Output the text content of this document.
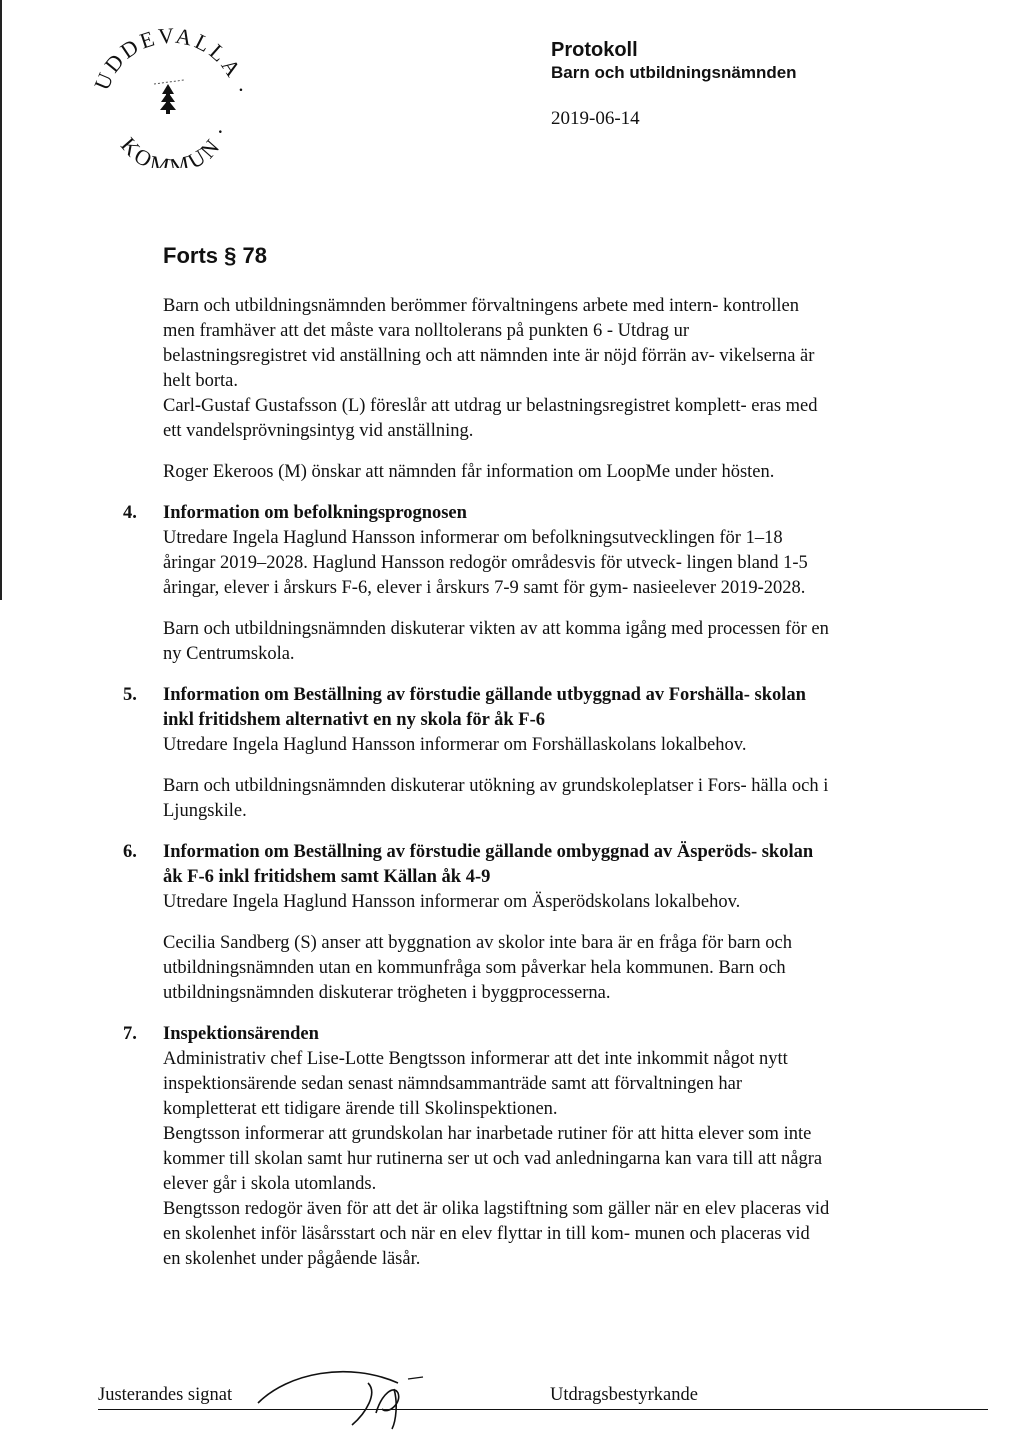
UDDEVALLA ·
KOMMUN ·
Protokoll
Barn och utbildningsnämnden
2019-06-14
Forts § 78

Barn och utbildningsnämnden berömmer förvaltningens arbete med intern- kontrollen men framhäver att det måste vara nolltolerans på punkten 6 - Utdrag ur belastningsregistret vid anställning och att nämnden inte är nöjd förrän av- vikelserna är helt borta.

Carl-Gustaf Gustafsson (L) föreslår att utdrag ur belastningsregistret komplett- eras med ett vandelsprövningsintyg vid anställning.

Roger Ekeroos (M) önskar att nämnden får information om LoopMe under hösten.

4. Information om befolkningsprognosen

Utredare Ingela Haglund Hansson informerar om befolkningsutvecklingen för 1–18 åringar 2019–2028. Haglund Hansson redogör områdesvis för utveck- lingen bland 1-5 åringar, elever i årskurs F-6, elever i årskurs 7-9 samt för gym- nasieelever 2019-2028.

Barn och utbildningsnämnden diskuterar vikten av att komma igång med processen för en ny Centrumskola.

5. Information om Beställning av förstudie gällande utbyggnad av Forshälla- skolan inkl fritidshem alternativt en ny skola för åk F-6

Utredare Ingela Haglund Hansson informerar om Forshällaskolans lokalbehov.

Barn och utbildningsnämnden diskuterar utökning av grundskoleplatser i Fors- hälla och i Ljungskile.

6. Information om Beställning av förstudie gällande ombyggnad av Äsperöds- skolan åk F-6 inkl fritidshem samt Källan åk 4-9

Utredare Ingela Haglund Hansson informerar om Äsperödskolans lokalbehov.

Cecilia Sandberg (S) anser att byggnation av skolor inte bara är en fråga för barn och utbildningsnämnden utan en kommunfråga som påverkar hela kommunen. Barn och utbildningsnämnden diskuterar trögheten i byggprocesserna.

7. Inspektionsärenden

Administrativ chef Lise-Lotte Bengtsson informerar att det inte inkommit något nytt inspektionsärende sedan senast nämndsammanträde samt att förvaltningen har kompletterat ett tidigare ärende till Skolinspektionen.

Bengtsson informerar att grundskolan har inarbetade rutiner för att hitta elever som inte kommer till skolan samt hur rutinerna ser ut och vad anledningarna kan vara till att några elever går i skola utomlands.

Bengtsson redogör även för att det är olika lagstiftning som gäller när en elev placeras vid en skolenhet inför läsårsstart och när en elev flyttar in till kom- munen och placeras vid en skolenhet under pågående läsår.

Justerandes signat	Utdragsbestyrkande
